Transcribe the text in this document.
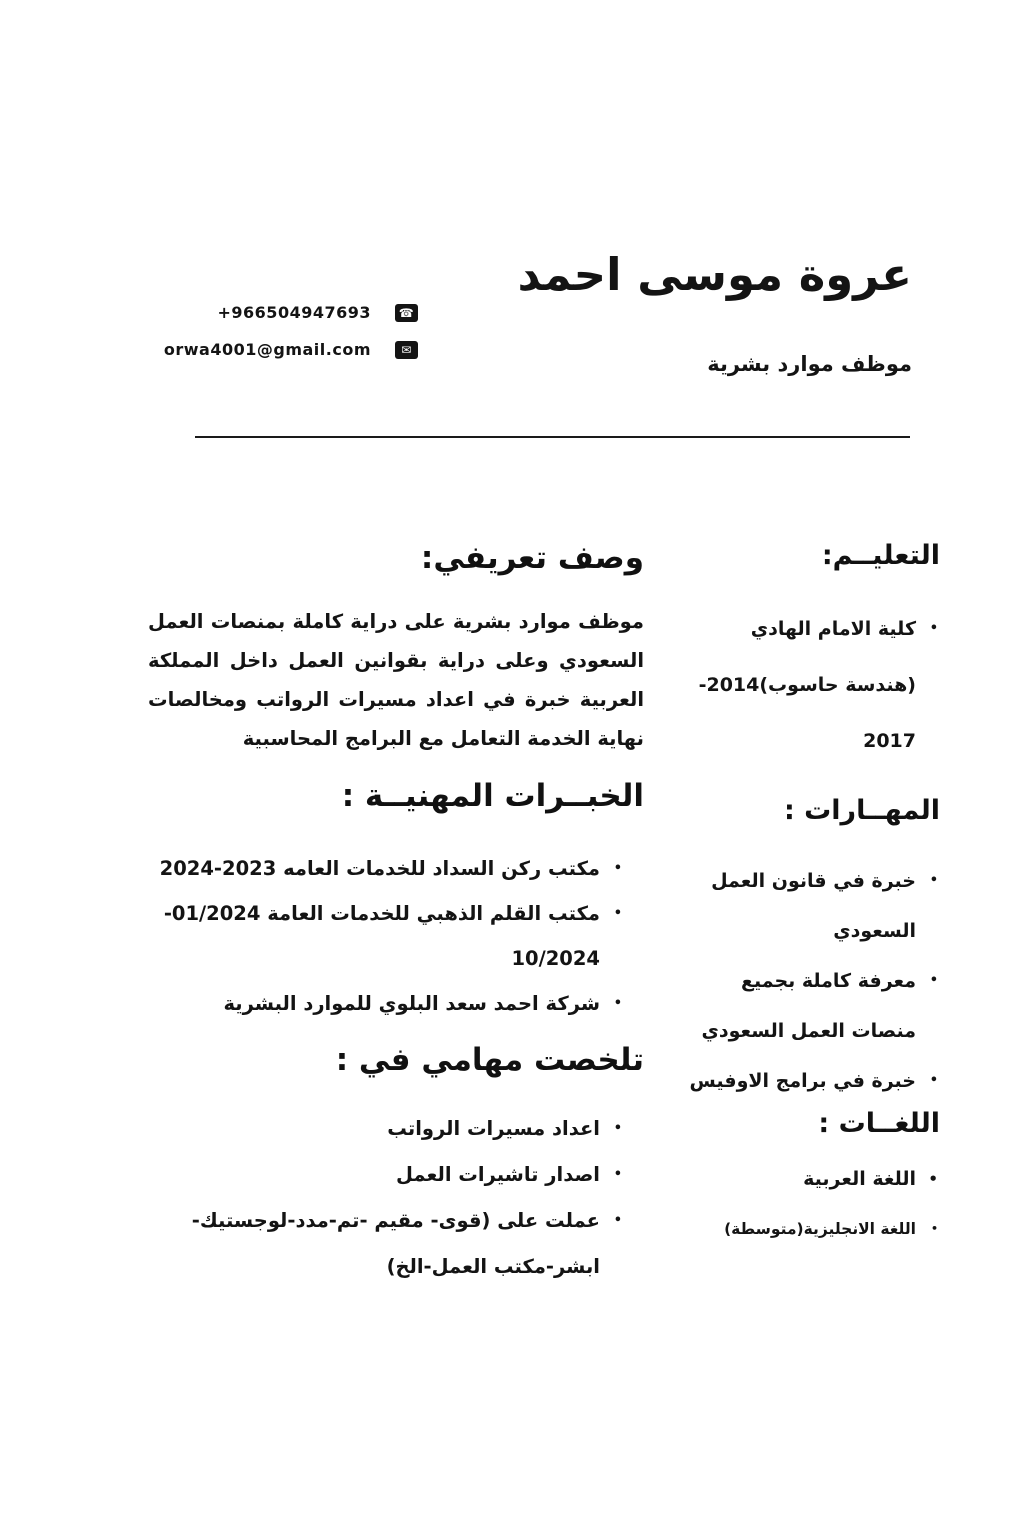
عروة موسى احمد
موظف موارد بشرية
+966504947693	☎
orwa4001@gmail.com	✉
التعليــم:
•
كلية الامام الهادي (هندسة حاسوب)2014-2017
المهــارات :
•
خبرة في قانون العمل السعودي
•
معرفة كاملة بجميع منصات العمل السعودي
•
خبرة في برامج الاوفيس
اللغــات :
•
اللغة العربية
•
اللغة الانجليزية(متوسطة)
وصف تعريفي:

موظف موارد بشرية على دراية كاملة بمنصات العمل السعودي وعلى دراية بقوانين العمل داخل المملكة العربية خبرة في اعداد مسيرات الرواتب ومخالصات نهاية الخدمة التعامل مع البرامج المحاسبية

الخبــرات المهنيــة :
•
مكتب ركن السداد للخدمات العامه 2023-2024
•
مكتب القلم الذهبي للخدمات العامة 01/2024- 10/2024
•
شركة احمد سعد البلوي للموارد البشرية
تلخصت مهامي في :
•
اعداد مسيرات الرواتب
•
اصدار تاشيرات العمل
•
عملت على (قوى- مقيم -تم-مدد-لوجستيك- ابشر-مكتب العمل-الخ)
